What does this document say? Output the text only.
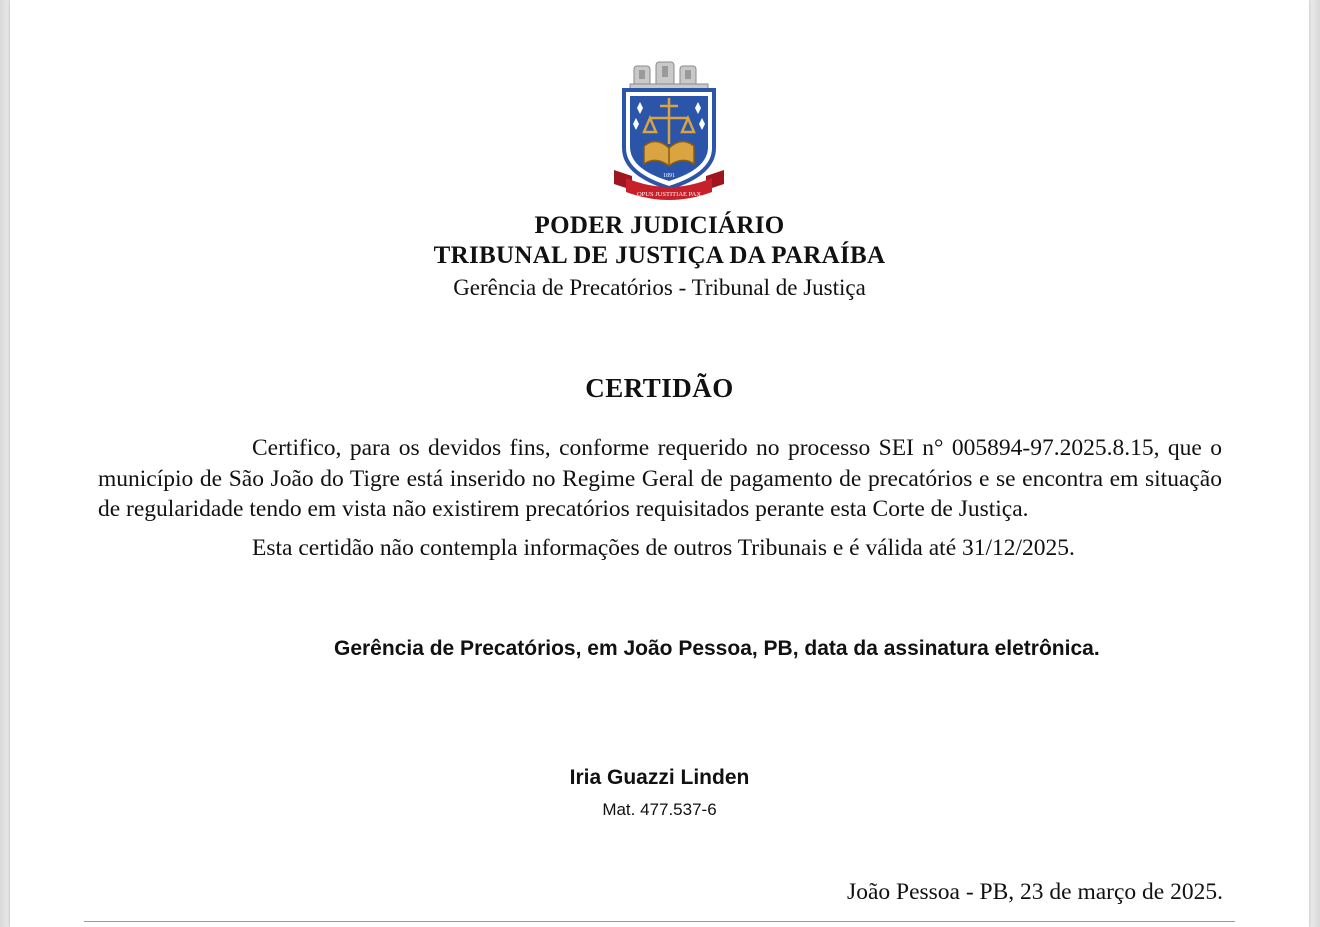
1891
OPUS JUSTITIAE PAX
PODER JUDICIÁRIO
TRIBUNAL DE JUSTIÇA DA PARAÍBA
Gerência de Precatórios - Tribunal de Justiça
CERTIDÃO

Certifico, para os devidos fins, conforme requerido no processo SEI n° 005894-97.2025.8.15, que o município de São João do Tigre está inserido no Regime Geral de pagamento de precatórios e se encontra em situação de regularidade tendo em vista não existirem precatórios requisitados perante esta Corte de Justiça.

Esta certidão não contempla informações de outros Tribunais e é válida até 31/12/2025.

Gerência de Precatórios, em João Pessoa, PB, data da assinatura eletrônica.
Iria Guazzi Linden
Mat. 477.537-6
João Pessoa - PB, 23 de março de 2025.
